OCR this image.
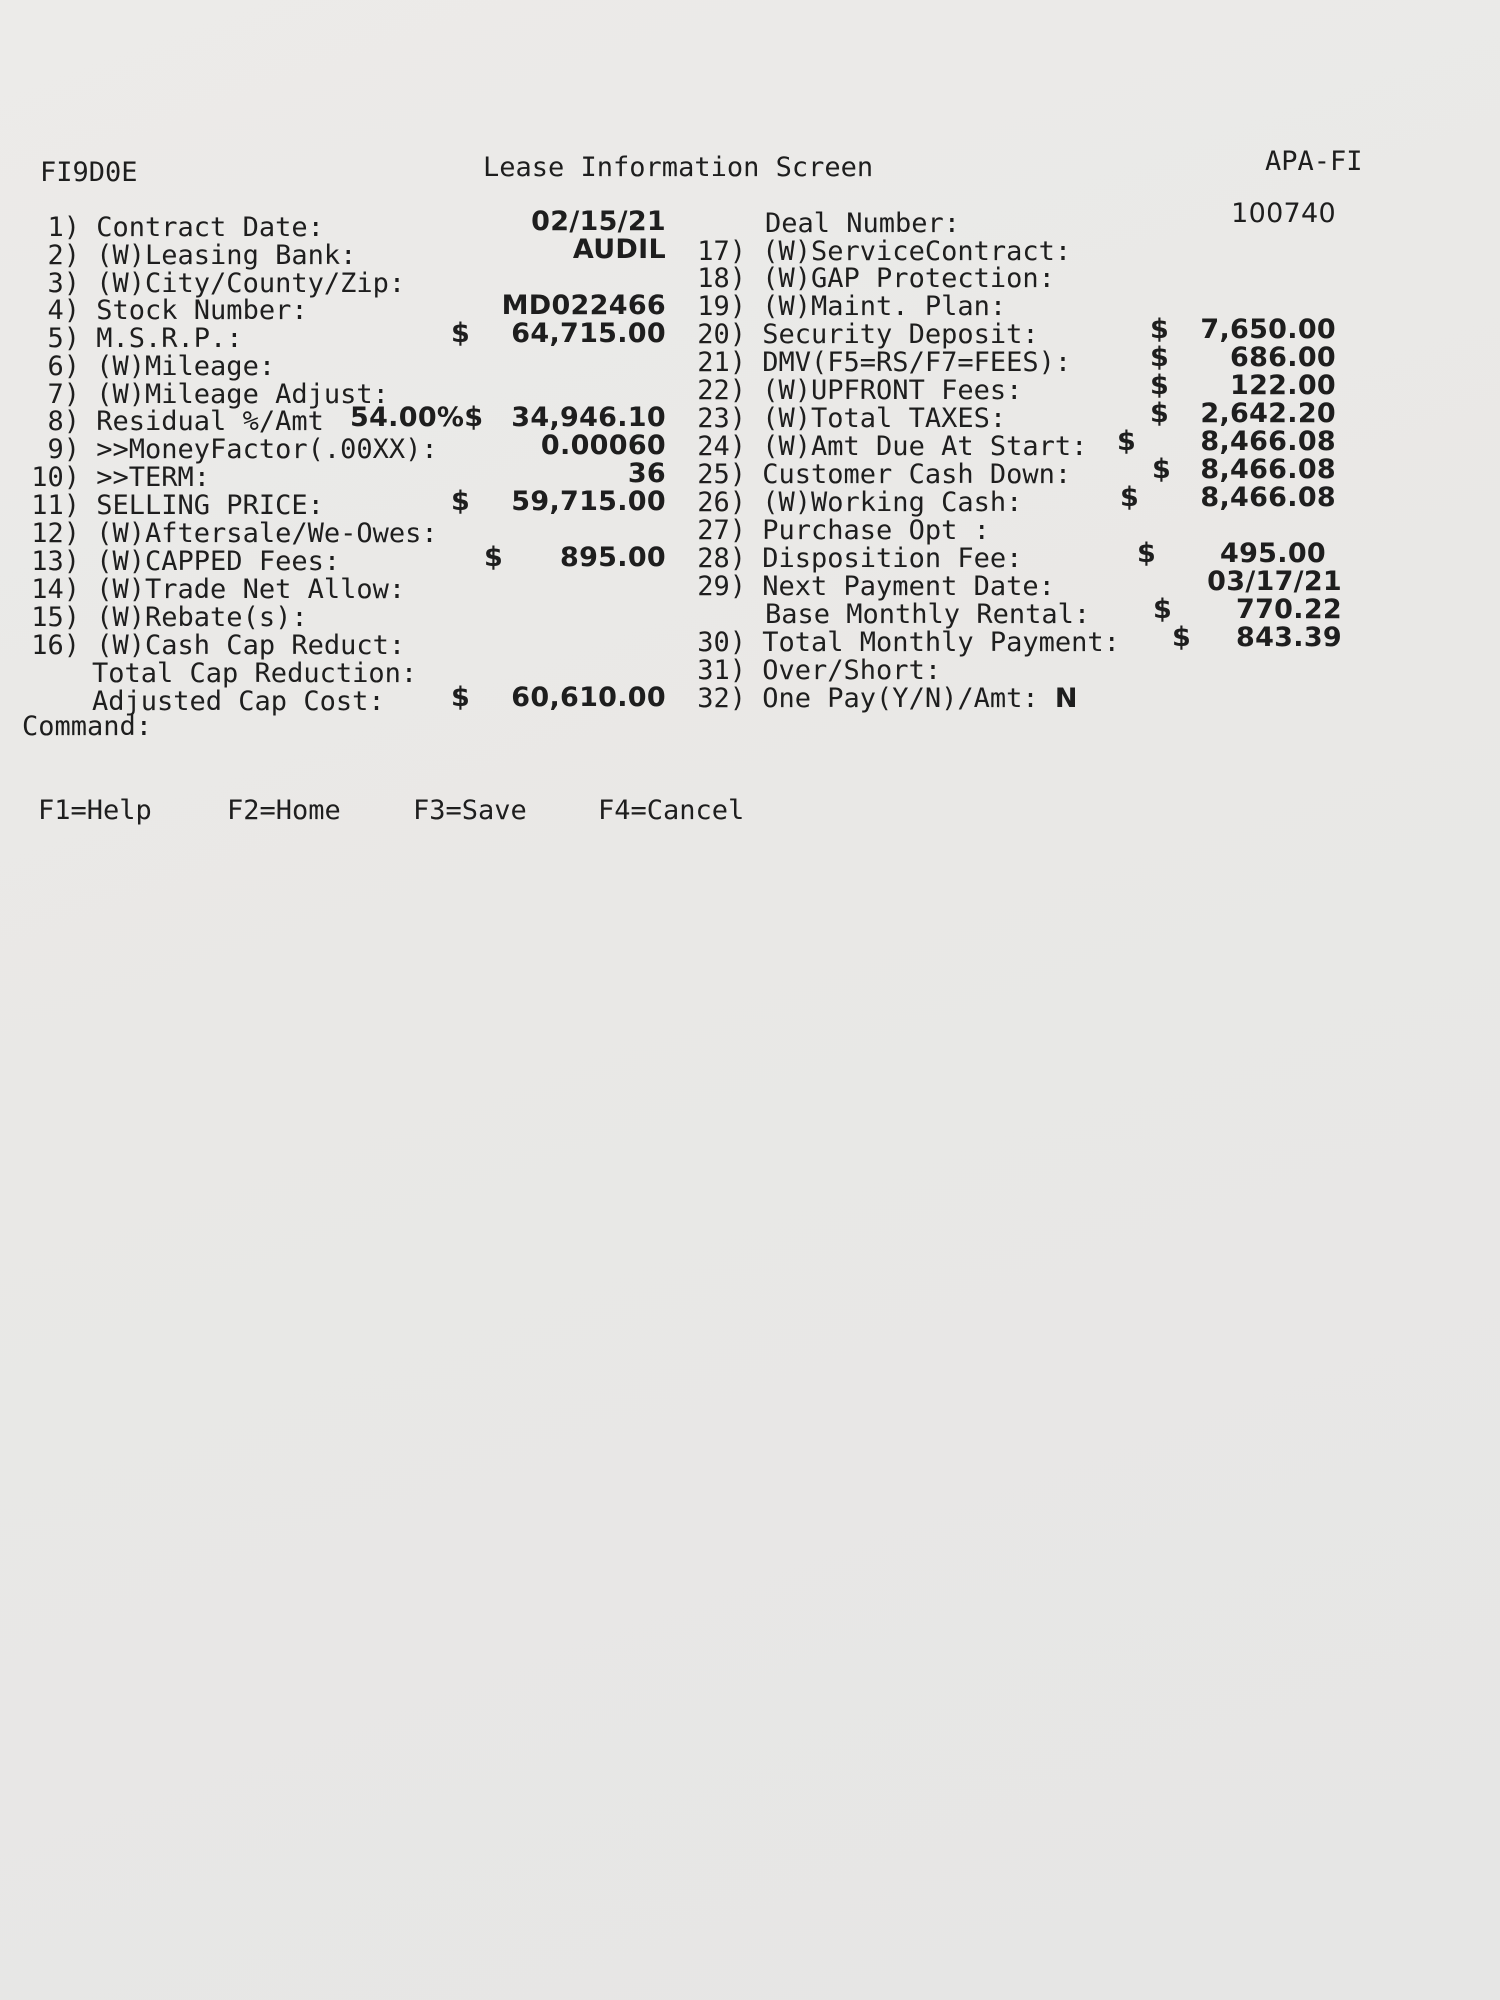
FI9D0E	Lease Information Screen	APA-FI
1) Contract Date:	02/15/21
2) (W)Leasing Bank:	AUDIL
3) (W)City/County/Zip:
4) Stock Number:	MD022466
5) M.S.R.P.:	$	64,715.00
6) (W)Mileage:
7) (W)Mileage Adjust:
8) Residual %/Amt 54.00%$	34,946.10
9) >>MoneyFactor(.00XX):	0.00060
10) >>TERM:	36
11) SELLING PRICE:	$	59,715.00
12) (W)Aftersale/We-Owes:
13) (W)CAPPED Fees:	$	895.00
14) (W)Trade Net Allow:
15) (W)Rebate(s):
16) (W)Cash Cap Reduct:
Total Cap Reduction:
Adjusted Cap Cost: $	60,610.00
Deal Number:	100740
17) (W)ServiceContract:
18) (W)GAP Protection:
19) (W)Maint. Plan:
20) Security Deposit:	$	7,650.00
21) DMV(F5=RS/F7=FEES):	$	686.00
22) (W)UPFRONT Fees:	$	122.00
23) (W)Total TAXES:	$	2,642.20
24) (W)Amt Due At Start: $	8,466.08
25) Customer Cash Down:	$	8,466.08
26) (W)Working Cash:	$	8,466.08
27) Purchase Opt :
28) Disposition Fee:	$	495.00
29) Next Payment Date:	03/17/21
Base Monthly Rental: $	770.22
30) Total Monthly Payment: $	843.39
31) Over/Short:
32) One Pay(Y/N)/Amt: N
Command:
F1=Help	F2=Home	F3=Save	F4=Cancel
